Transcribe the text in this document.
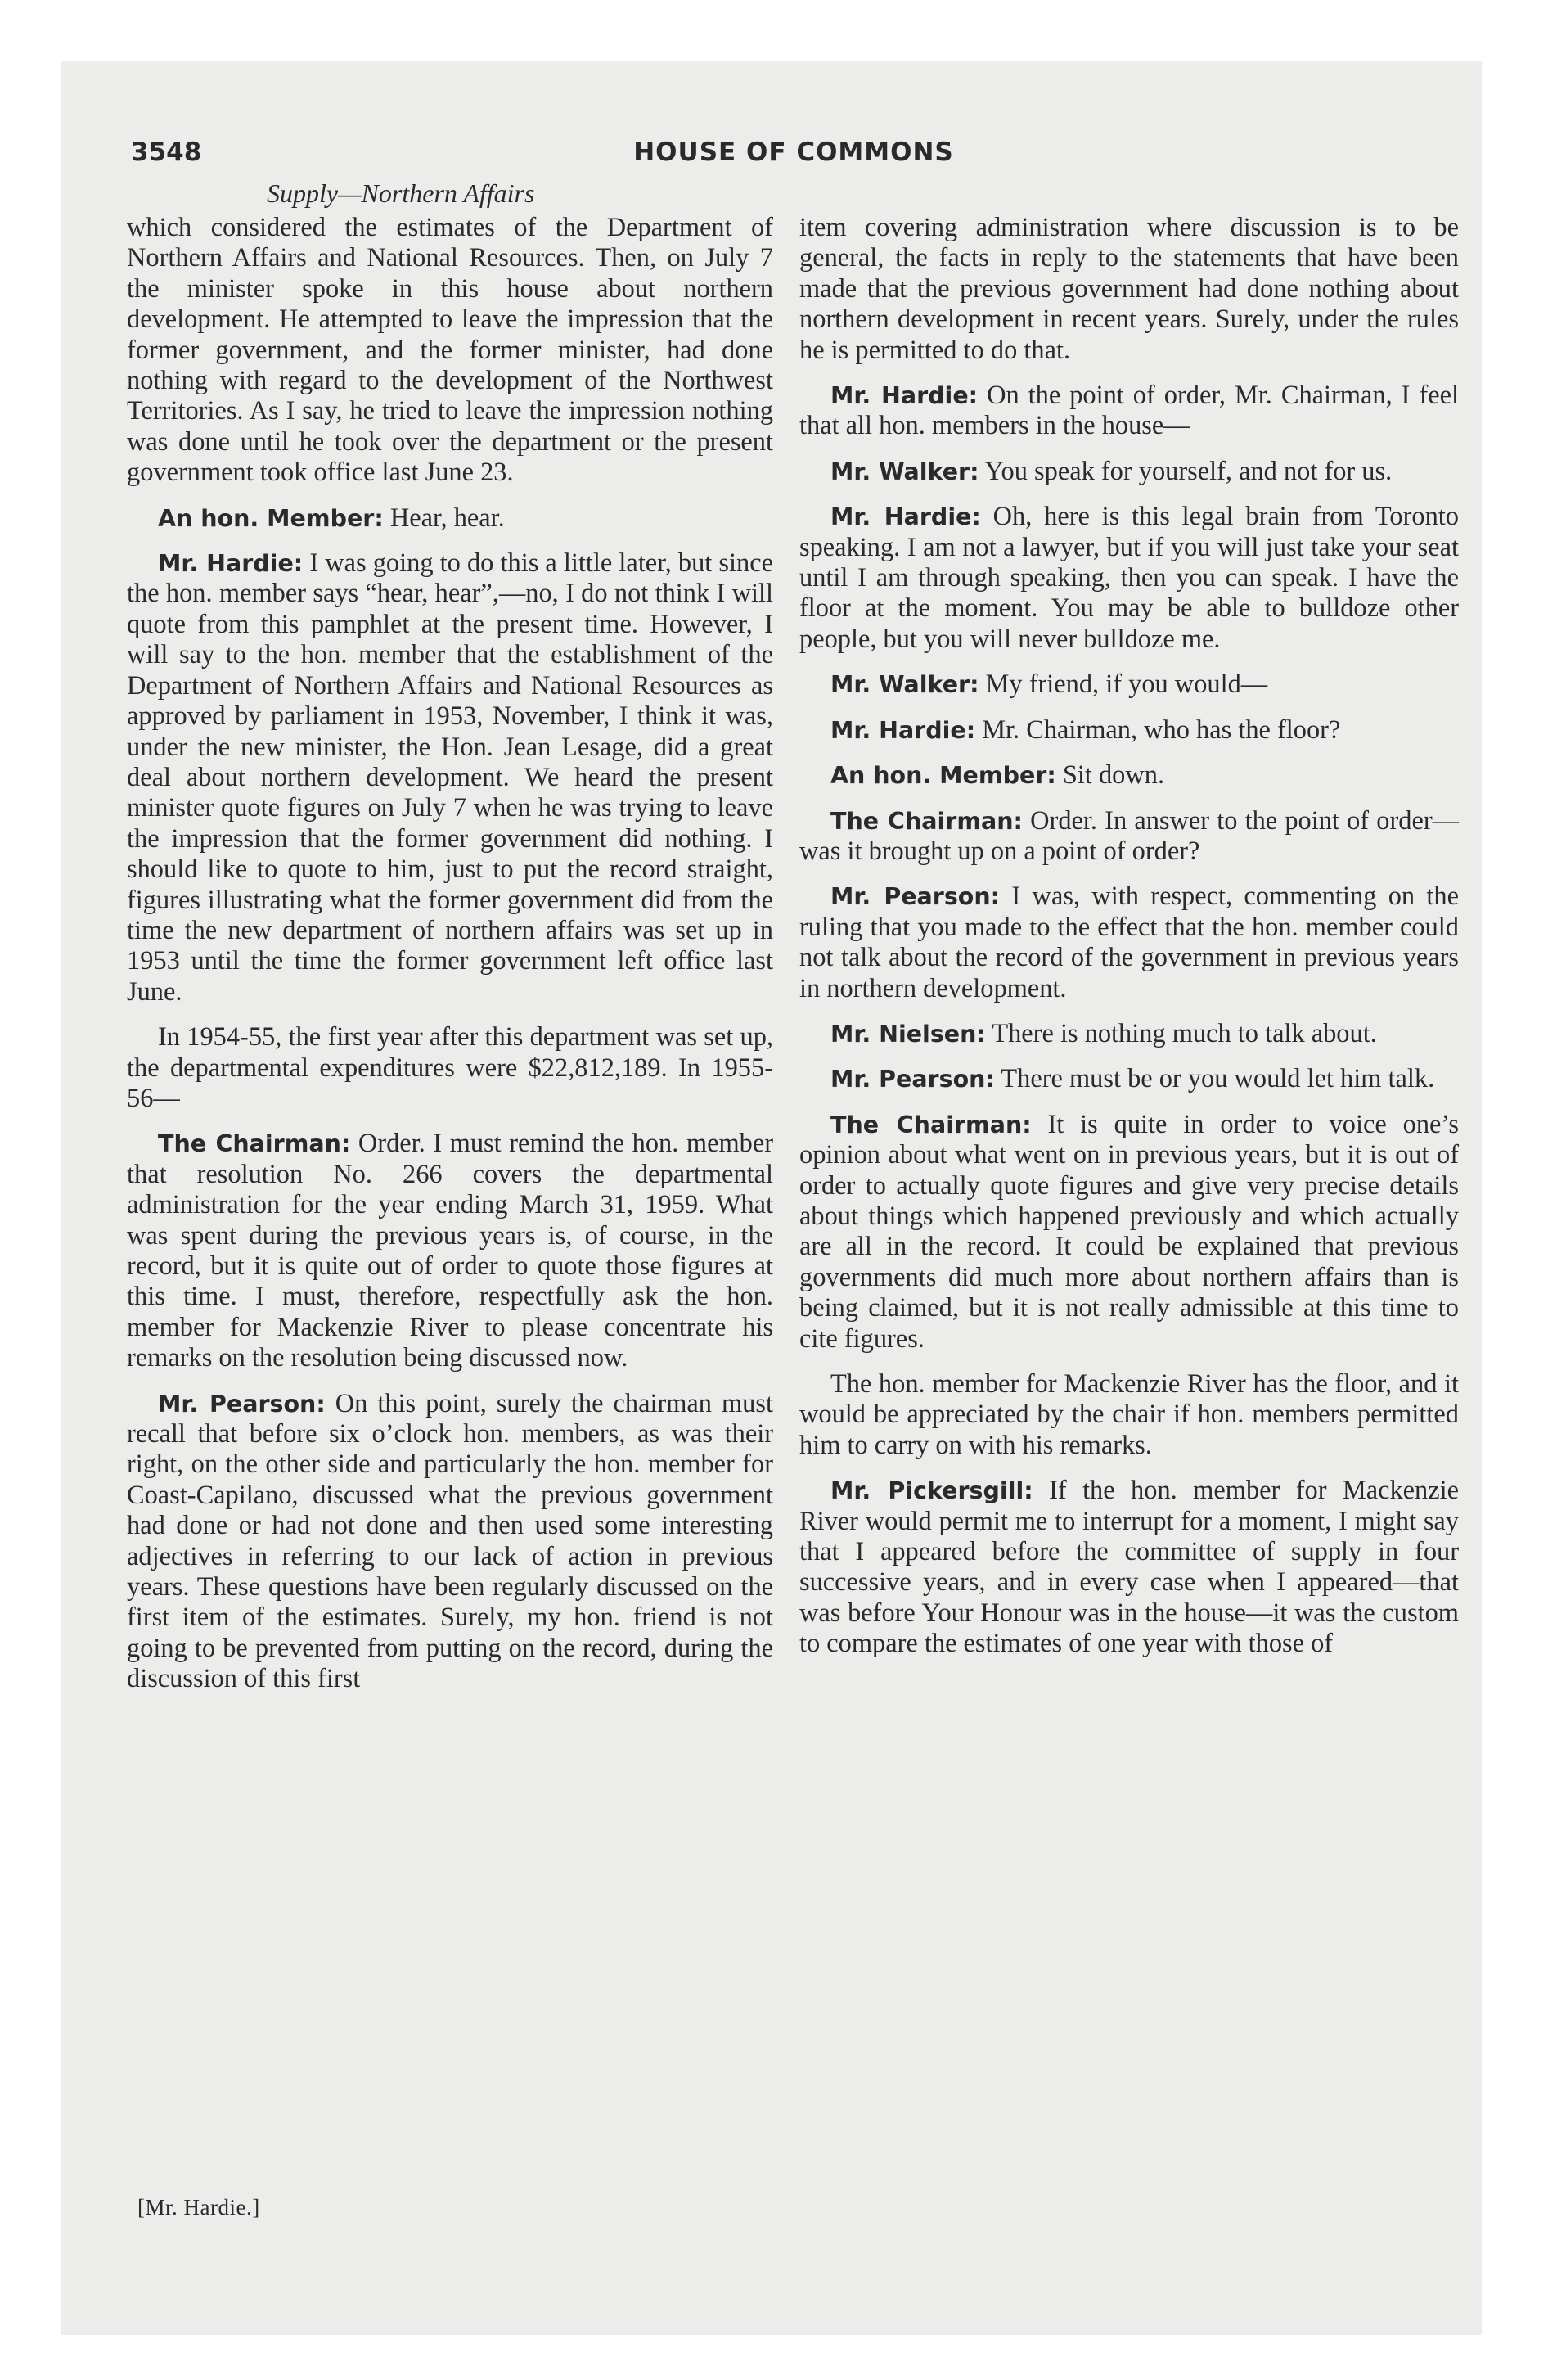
3548	HOUSE OF COMMONS
Supply—Northern Affairs

which considered the estimates of the Department of Northern Affairs and National Resources. Then, on July 7 the minister spoke in this house about northern development. He attempted to leave the impression that the former government, and the former minister, had done nothing with regard to the development of the Northwest Territories. As I say, he tried to leave the impression nothing was done until he took over the department or the present government took office last June 23.

An hon. Member: Hear, hear.

Mr. Hardie: I was going to do this a little later, but since the hon. member says “hear, hear”,—no, I do not think I will quote from this pamphlet at the present time. However, I will say to the hon. member that the establishment of the Department of Northern Affairs and National Resources as approved by parliament in 1953, November, I think it was, under the new minister, the Hon. Jean Lesage, did a great deal about northern development. We heard the present minister quote figures on July 7 when he was trying to leave the impression that the former government did nothing. I should like to quote to him, just to put the record straight, figures illustrating what the former government did from the time the new department of northern affairs was set up in 1953 until the time the former government left office last June.

In 1954-55, the first year after this department was set up, the departmental expenditures were $22,812,189. In 1955-56—

The Chairman: Order. I must remind the hon. member that resolution No. 266 covers the departmental administration for the year ending March 31, 1959. What was spent during the previous years is, of course, in the record, but it is quite out of order to quote those figures at this time. I must, therefore, respectfully ask the hon. member for Mackenzie River to please concentrate his remarks on the resolution being discussed now.

Mr. Pearson: On this point, surely the chairman must recall that before six o’clock hon. members, as was their right, on the other side and particularly the hon. member for Coast-Capilano, discussed what the previous government had done or had not done and then used some interesting adjectives in referring to our lack of action in previous years. These questions have been regularly discussed on the first item of the estimates. Surely, my hon. friend is not going to be prevented from putting on the record, during the discussion of this first

item covering administration where discussion is to be general, the facts in reply to the statements that have been made that the previous government had done nothing about northern development in recent years. Surely, under the rules he is permitted to do that.

Mr. Hardie: On the point of order, Mr. Chairman, I feel that all hon. members in the house—

Mr. Walker: You speak for yourself, and not for us.

Mr. Hardie: Oh, here is this legal brain from Toronto speaking. I am not a lawyer, but if you will just take your seat until I am through speaking, then you can speak. I have the floor at the moment. You may be able to bulldoze other people, but you will never bulldoze me.

Mr. Walker: My friend, if you would—

Mr. Hardie: Mr. Chairman, who has the floor?

An hon. Member: Sit down.

The Chairman: Order. In answer to the point of order—was it brought up on a point of order?

Mr. Pearson: I was, with respect, commenting on the ruling that you made to the effect that the hon. member could not talk about the record of the government in previous years in northern development.

Mr. Nielsen: There is nothing much to talk about.

Mr. Pearson: There must be or you would let him talk.

The Chairman: It is quite in order to voice one’s opinion about what went on in previous years, but it is out of order to actually quote figures and give very precise details about things which happened previously and which actually are all in the record. It could be explained that previous governments did much more about northern affairs than is being claimed, but it is not really admissible at this time to cite figures.

The hon. member for Mackenzie River has the floor, and it would be appreciated by the chair if hon. members permitted him to carry on with his remarks.

Mr. Pickersgill: If the hon. member for Mackenzie River would permit me to interrupt for a moment, I might say that I appeared before the committee of supply in four successive years, and in every case when I appeared—that was before Your Honour was in the house—it was the custom to compare the estimates of one year with those of

[Mr. Hardie.]
